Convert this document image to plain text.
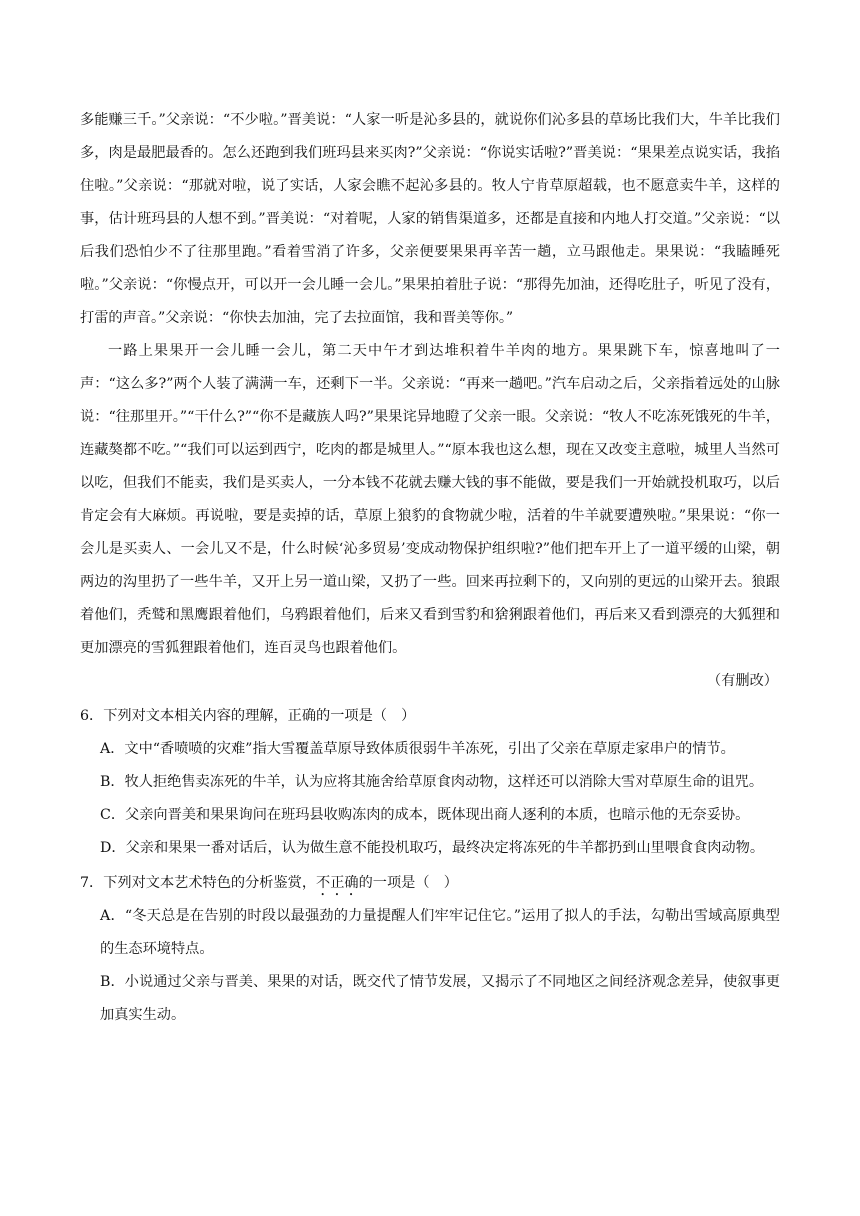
多能赚三千。”父亲说：“不少啦。”晋美说：“人家一听是沁多县的，就说你们沁多县的草场比我们大，牛羊比我们多，肉是最肥最香的。怎么还跑到我们班玛县来买肉?”父亲说：“你说实话啦?”晋美说：“果果差点说实话，我掐住啦。”父亲说：“那就对啦，说了实话，人家会瞧不起沁多县的。牧人宁肯草原超载，也不愿意卖牛羊，这样的事，估计班玛县的人想不到。”晋美说：“对着呢，人家的销售渠道多，还都是直接和内地人打交道。”父亲说：“以后我们恐怕少不了往那里跑。”看着雪消了许多，父亲便要果果再辛苦一趟，立马跟他走。果果说：“我瞌睡死啦。”父亲说：“你慢点开，可以开一会儿睡一会儿。”果果拍着肚子说：“那得先加油，还得吃肚子，听见了没有，打雷的声音。”父亲说：“你快去加油，完了去拉面馆，我和晋美等你。”

一路上果果开一会儿睡一会儿，第二天中午才到达堆积着牛羊肉的地方。果果跳下车，惊喜地叫了一声：“这么多?”两个人装了满满一车，还剩下一半。父亲说：“再来一趟吧。”汽车启动之后，父亲指着远处的山脉说：“往那里开。”“干什么?”“你不是藏族人吗?”果果诧异地瞪了父亲一眼。父亲说：“牧人不吃冻死饿死的牛羊，连藏獒都不吃。”“我们可以运到西宁，吃肉的都是城里人。”“原本我也这么想，现在又改变主意啦，城里人当然可以吃，但我们不能卖，我们是买卖人，一分本钱不花就去赚大钱的事不能做，要是我们一开始就投机取巧，以后肯定会有大麻烦。再说啦，要是卖掉的话，草原上狼豹的食物就少啦，活着的牛羊就要遭殃啦。”果果说：“你一会儿是买卖人、一会儿又不是，什么时候‘沁多贸易’变成动物保护组织啦?”他们把车开上了一道平缓的山梁，朝两边的沟里扔了一些牛羊，又开上另一道山梁，又扔了一些。回来再拉剩下的，又向别的更远的山梁开去。狼跟着他们，秃鹫和黑鹰跟着他们，乌鸦跟着他们，后来又看到雪豹和猞猁跟着他们，再后来又看到漂亮的大狐狸和更加漂亮的雪狐狸跟着他们，连百灵鸟也跟着他们。

（有删改）

6．下列对文本相关内容的理解，正确的一项是（　）

A．文中“香喷喷的灾难”指大雪覆盖草原导致体质很弱牛羊冻死，引出了父亲在草原走家串户的情节。

B．牧人拒绝售卖冻死的牛羊，认为应将其施舍给草原食肉动物，这样还可以消除大雪对草原生命的诅咒。

C．父亲向晋美和果果询问在班玛县收购冻肉的成本，既体现出商人逐利的本质，也暗示他的无奈妥协。

D．父亲和果果一番对话后，认为做生意不能投机取巧，最终决定将冻死的牛羊都扔到山里喂食食肉动物。

7．下列对文本艺术特色的分析鉴赏，不正确的一项是（　）

A．“冬天总是在告别的时段以最强劲的力量提醒人们牢牢记住它。”运用了拟人的手法，勾勒出雪域高原典型的生态环境特点。

B．小说通过父亲与晋美、果果的对话，既交代了情节发展，又揭示了不同地区之间经济观念差异，使叙事更加真实生动。
